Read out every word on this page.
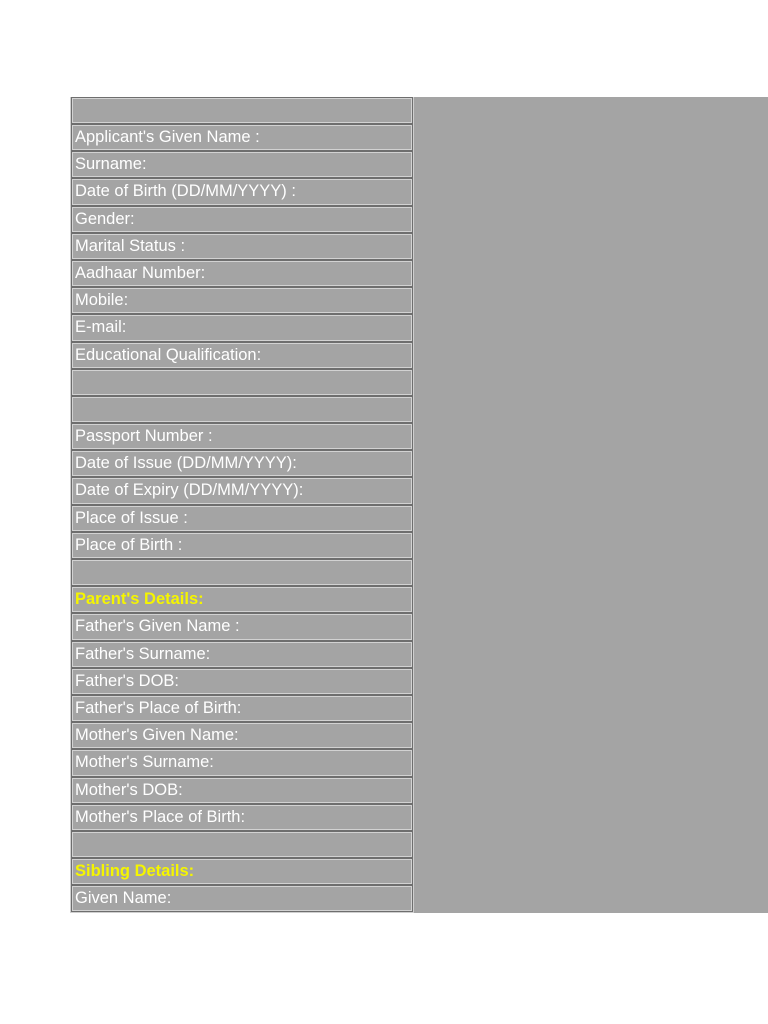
Applicant's Given Name :
Surname:
Date of Birth (DD/MM/YYYY) :
Gender:
Marital Status :
Aadhaar Number:
Mobile:
E-mail:
Educational Qualification:
Passport Number :
Date of Issue (DD/MM/YYYY):
Date of Expiry (DD/MM/YYYY):
Place of Issue :
Place of Birth :
Parent's Details:
Father's Given Name :
Father's Surname:
Father's DOB:
Father's Place of Birth:
Mother's Given Name:
Mother's Surname:
Mother's DOB:
Mother's Place of Birth:
Sibling Details:
Given Name:
